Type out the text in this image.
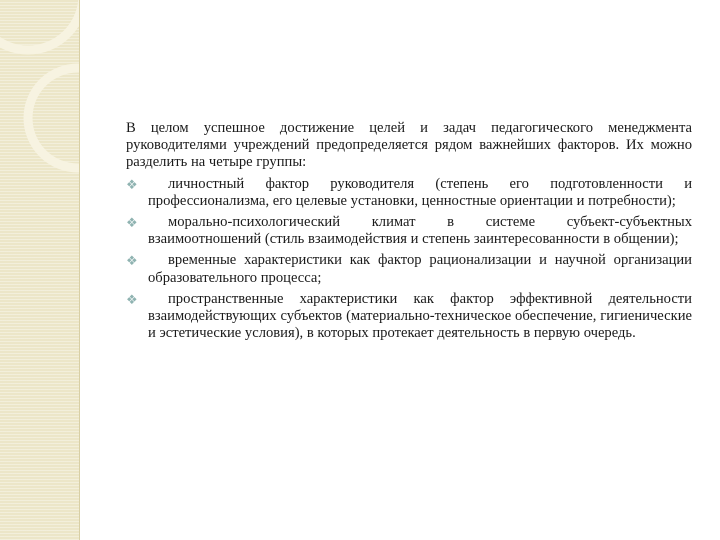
В целом успешное достижение целей и задач педагогического менеджмента руководителями учреждений предопределяется рядом важнейших факторов. Их можно разделить на четыре группы:

❖	личностный фактор руководителя (степень его подготовленности и профессионализма, его целевые установки, ценностные ориентации и потребности);
❖	морально-психологический климат в системе субъект-субъектных взаимоотношений (стиль взаимодействия и степень заинтересованности в общении);
❖	временные характеристики как фактор рационализации и научной организации образовательного процесса;
❖	пространственные характеристики как фактор эффективной деятельности взаимодействующих субъектов (материально-техническое обеспечение, гигиенические и эстетические условия), в которых протекает деятельность в первую очередь.
